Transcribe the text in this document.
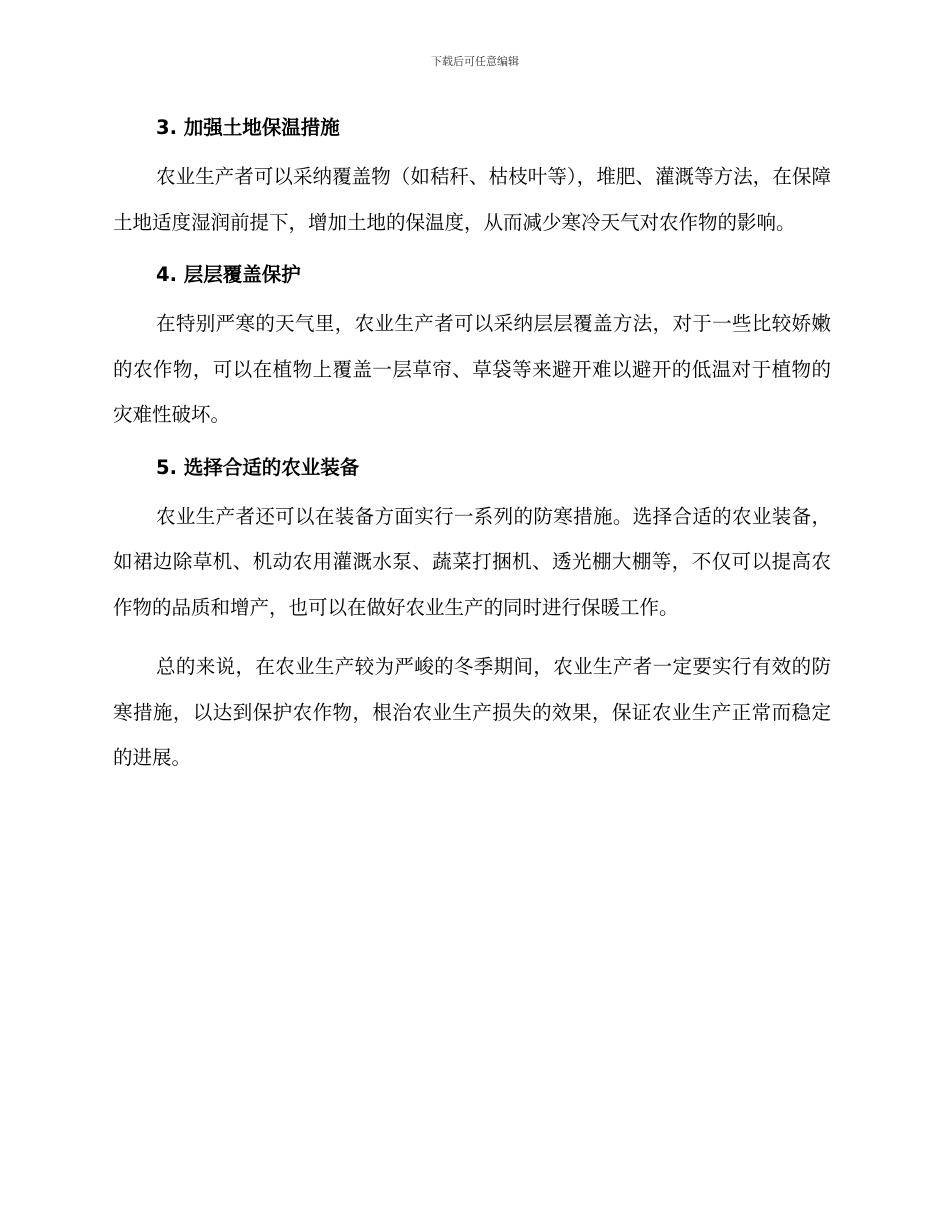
下载后可任意编辑
3. 加强土地保温措施

农业生产者可以采纳覆盖物（如秸秆、枯枝叶等），堆肥、灌溉等方法，在保障土地适度湿润前提下，增加土地的保温度，从而减少寒冷天气对农作物的影响。

4. 层层覆盖保护

在特别严寒的天气里，农业生产者可以采纳层层覆盖方法，对于一些比较娇嫩的农作物，可以在植物上覆盖一层草帘、草袋等来避开难以避开的低温对于植物的灾难性破坏。

5. 选择合适的农业装备

农业生产者还可以在装备方面实行一系列的防寒措施。选择合适的农业装备，如裙边除草机、机动农用灌溉水泵、蔬菜打捆机、透光棚大棚等，不仅可以提高农作物的品质和增产，也可以在做好农业生产的同时进行保暖工作。

总的来说，在农业生产较为严峻的冬季期间，农业生产者一定要实行有效的防寒措施，以达到保护农作物，根治农业生产损失的效果，保证农业生产正常而稳定的进展。
